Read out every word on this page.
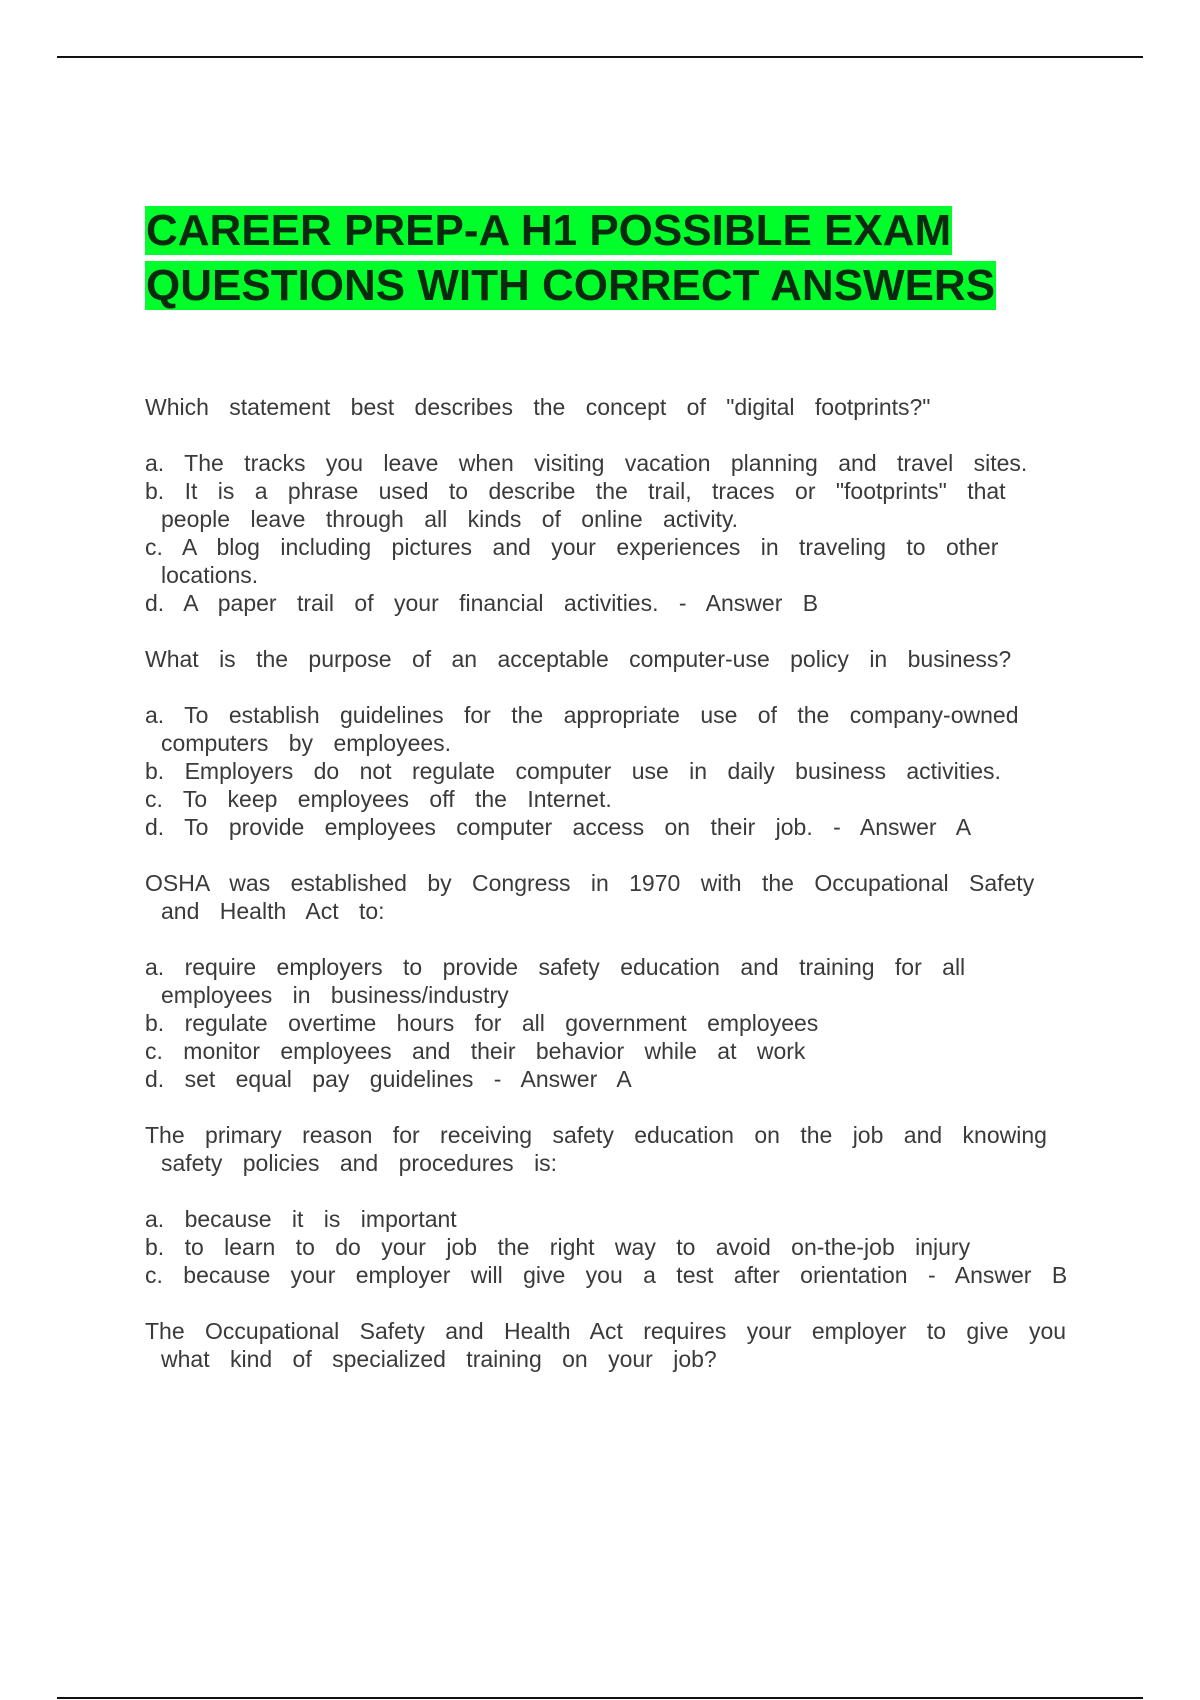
CAREER PREP-A H1 POSSIBLE EXAM
QUESTIONS WITH CORRECT ANSWERS

Which statement best describes the concept of "digital footprints?"

a. The tracks you leave when visiting vacation planning and travel sites.
b. It is a phrase used to describe the trail, traces or "footprints" that people leave through all kinds of online activity.
c. A blog including pictures and your experiences in traveling to other locations.
d. A paper trail of your financial activities. - Answer B

What is the purpose of an acceptable computer-use policy in business?

a. To establish guidelines for the appropriate use of the company-owned computers by employees.
b. Employers do not regulate computer use in daily business activities.
c. To keep employees off the Internet.
d. To provide employees computer access on their job. - Answer A

OSHA was established by Congress in 1970 with the Occupational Safety and Health Act to:

a. require employers to provide safety education and training for all employees in business/industry
b. regulate overtime hours for all government employees
c. monitor employees and their behavior while at work
d. set equal pay guidelines - Answer A

The primary reason for receiving safety education on the job and knowing safety policies and procedures is:

a. because it is important
b. to learn to do your job the right way to avoid on-the-job injury
c. because your employer will give you a test after orientation - Answer B

The Occupational Safety and Health Act requires your employer to give you what kind of specialized training on your job?
